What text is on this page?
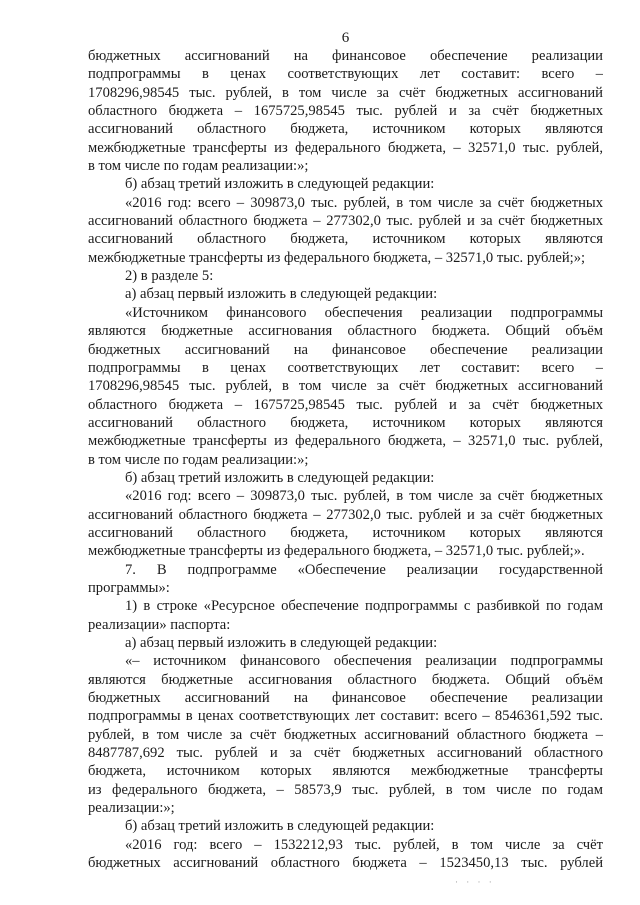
6
бюджетных ассигнований на финансовое обеспечение реализации
подпрограммы в ценах соответствующих лет составит: всего –
1708296,98545 тыс. рублей, в том числе за счёт бюджетных ассигнований
областного бюджета – 1675725,98545 тыс. рублей и за счёт бюджетных
ассигнований областного бюджета, источником которых являются
межбюджетные трансферты из федерального бюджета, – 32571,0 тыс. рублей,
в том числе по годам реализации:»;
б) абзац третий изложить в следующей редакции:
«2016 год: всего – 309873,0 тыс. рублей, в том числе за счёт бюджетных
ассигнований областного бюджета – 277302,0 тыс. рублей и за счёт бюджетных
ассигнований областного бюджета, источником которых являются
межбюджетные трансферты из федерального бюджета, – 32571,0 тыс. рублей;»;
2) в разделе 5:
а) абзац первый изложить в следующей редакции:
«Источником финансового обеспечения реализации подпрограммы
являются бюджетные ассигнования областного бюджета. Общий объём
бюджетных ассигнований на финансовое обеспечение реализации
подпрограммы в ценах соответствующих лет составит: всего –
1708296,98545 тыс. рублей, в том числе за счёт бюджетных ассигнований
областного бюджета – 1675725,98545 тыс. рублей и за счёт бюджетных
ассигнований областного бюджета, источником которых являются
межбюджетные трансферты из федерального бюджета, – 32571,0 тыс. рублей,
в том числе по годам реализации:»;
б) абзац третий изложить в следующей редакции:
«2016 год: всего – 309873,0 тыс. рублей, в том числе за счёт бюджетных
ассигнований областного бюджета – 277302,0 тыс. рублей и за счёт бюджетных
ассигнований областного бюджета, источником которых являются
межбюджетные трансферты из федерального бюджета, – 32571,0 тыс. рублей;».
7. В подпрограмме «Обеспечение реализации государственной
программы»:
1) в строке «Ресурсное обеспечение подпрограммы с разбивкой по годам
реализации» паспорта:
а) абзац первый изложить в следующей редакции:
«– источником финансового обеспечения реализации подпрограммы
являются бюджетные ассигнования областного бюджета. Общий объём
бюджетных ассигнований на финансовое обеспечение реализации
подпрограммы в ценах соответствующих лет составит: всего – 8546361,592 тыс.
рублей, в том числе за счёт бюджетных ассигнований областного бюджета –
8487787,692 тыс. рублей и за счёт бюджетных ассигнований областного
бюджета, источником которых являются межбюджетные трансферты
из федерального бюджета, – 58573,9 тыс. рублей, в том числе по годам
реализации:»;
б) абзац третий изложить в следующей редакции:
«2016 год: всего – 1532212,93 тыс. рублей, в том числе за счёт
бюджетных ассигнований областного бюджета – 1523450,13 тыс. рублей
· · · ·
